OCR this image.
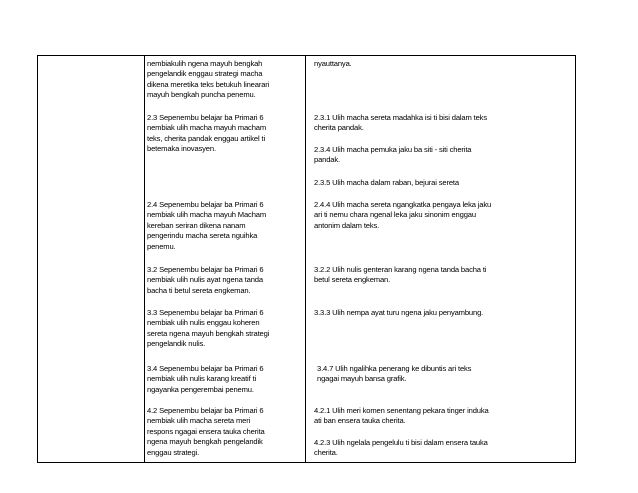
nembiakulih ngena mayuh bengkah

pengelandik enggau strategi macha

dikena meretika teks betukuh linearari

mayuh bengkah puncha penemu.

2.3 Sepenembu belajar ba Primari 6

nembiak ulih macha mayuh macham

teks, cherita pandak enggau artikel ti

betemaka inovasyen.

2.4 Sepenembu belajar ba Primari 6

nembiak ulih macha mayuh Macham

kereban seriran dikena nanam

pengerindu macha sereta nguihka

penemu.

3.2 Sepenembu belajar ba Primari 6

nembiak ulih nulis ayat ngena tanda

bacha ti betul sereta engkeman.

3.3 Sepenembu belajar ba Primari 6

nembiak ulih nulis enggau koheren

sereta ngena mayuh bengkah strategi

pengelandik nulis.

3.4 Sepenembu belajar ba Primari 6

nembiak ulih nulis karang kreatif ti

ngayanka pengerembai penemu.

4.2 Sepenembu belajar ba Primari 6

nembiak ulih macha sereta meri

respons ngagai ensera tauka cherita

ngena mayuh bengkah pengelandik

enggau strategi.

nyauttanya.

2.3.1 Ulih macha sereta madahka isi ti bisi dalam teks

cherita pandak.

2.3.4 Ulih macha pemuka jaku ba siti - siti cherita

pandak.

2.3.5 Ulih macha dalam raban, bejurai sereta

2.4.4 Ulih macha sereta ngangkatka pengaya leka jaku

ari ti nemu chara ngenal leka jaku sinonim enggau

antonim dalam teks.

3.2.2 Ulih nulis genteran karang ngena tanda bacha ti

betul sereta engkeman.

3.3.3 Ulih nempa ayat turu ngena jaku penyambung.

3.4.7 Ulih ngalihka penerang ke dibuntis ari teks

ngagai mayuh bansa grafik.

4.2.1 Ulih meri komen senentang pekara tinger induka

ati ban ensera tauka cherita.

4.2.3 Ulih ngelala pengelulu ti bisi dalam ensera tauka

cherita.
